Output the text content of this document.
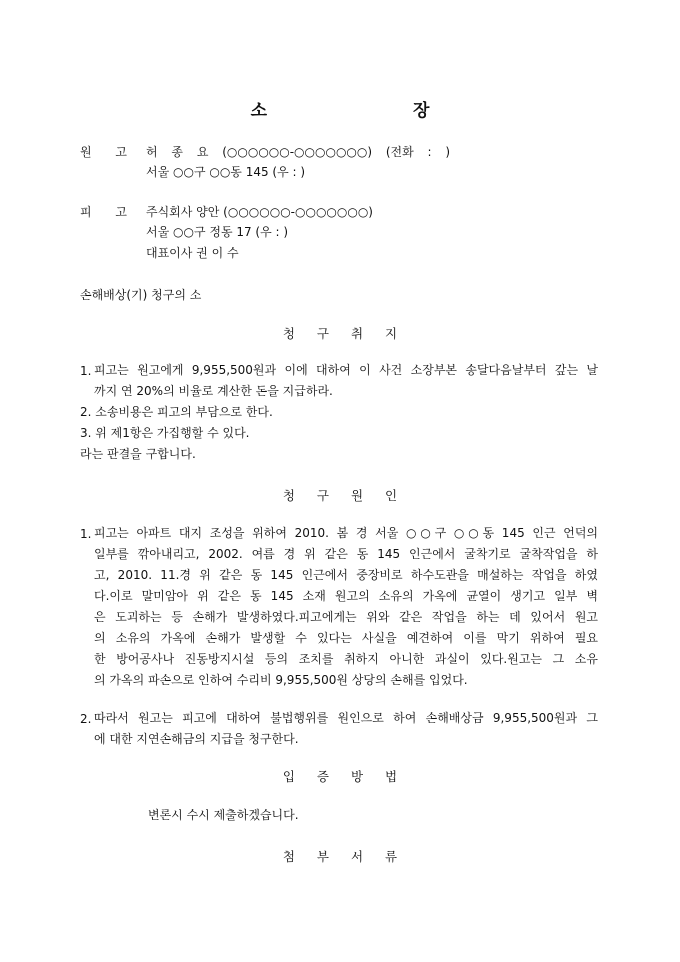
소 장
원 고 허 종 요 (○○○○○○-○○○○○○○) (전화 : )
서울 ○○구 ○○동 145 (우 : )
피 고 주식회사 양안 (○○○○○○-○○○○○○○)
서울 ○○구 정동 17 (우 : )
대표이사 권 이 수
손해배상(기) 청구의 소
청 구 취 지
1. 피고는 원고에게 9,955,500원과 이에 대하여 이 사건 소장부본 송달다음날부터 갚는 날
까지 연 20%의 비율로 계산한 돈을 지급하라.
2. 소송비용은 피고의 부담으로 한다.
3. 위 제1항은 가집행할 수 있다.
라는 판결을 구합니다.
청 구 원 인
1. 피고는 아파트 대지 조성을 위하여 2010. 봄 경 서울 ○○구 ○○동 145 인근 언덕의
일부를 깎아내리고, 2002. 여름 경 위 같은 동 145 인근에서 굴착기로 굴착작업을 하
고, 2010. 11.경 위 같은 동 145 인근에서 중장비로 하수도관을 매설하는 작업을 하였
다.이로 말미암아 위 같은 동 145 소재 원고의 소유의 가옥에 균열이 생기고 일부 벽
은 도괴하는 등 손해가 발생하였다.피고에게는 위와 같은 작업을 하는 데 있어서 원고
의 소유의 가옥에 손해가 발생할 수 있다는 사실을 예견하여 이를 막기 위하여 필요
한 방어공사나 진동방지시설 등의 조치를 취하지 아니한 과실이 있다.원고는 그 소유
의 가옥의 파손으로 인하여 수리비 9,955,500원 상당의 손해를 입었다.
2. 따라서 원고는 피고에 대하여 불법행위를 원인으로 하여 손해배상금 9,955,500원과 그
에 대한 지연손해금의 지급을 청구한다.
입 증 방 법
변론시 수시 제출하겠습니다.
첨 부 서 류
